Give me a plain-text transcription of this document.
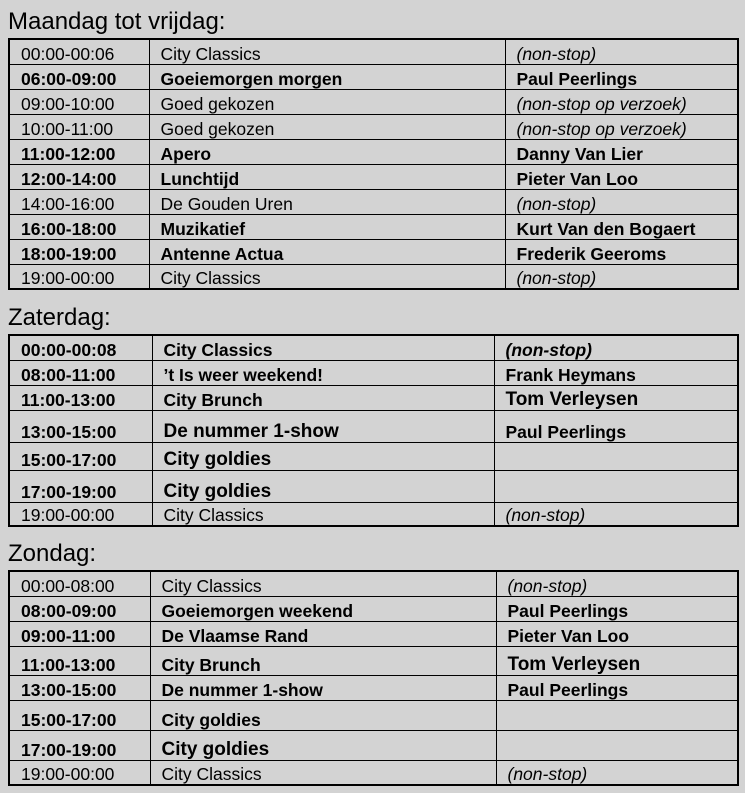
Maandag tot vrijdag:
00:00-00:06	City Classics	(non-stop)
06:00-09:00	Goeiemorgen morgen	Paul Peerlings
09:00-10:00	Goed gekozen	(non-stop op verzoek)
10:00-11:00	Goed gekozen	(non-stop op verzoek)
11:00-12:00	Apero	Danny Van Lier
12:00-14:00	Lunchtijd	Pieter Van Loo
14:00-16:00	De Gouden Uren	(non-stop)
16:00-18:00	Muzikatief	Kurt Van den Bogaert
18:00-19:00	Antenne Actua	Frederik Geeroms
19:00-00:00	City Classics	(non-stop)
Zaterdag:
00:00-00:08	City Classics	(non-stop)
08:00-11:00	’t Is weer weekend!	Frank Heymans
11:00-13:00	City Brunch	Tom Verleysen
13:00-15:00	De nummer 1-show	Paul Peerlings
15:00-17:00	City goldies	
17:00-19:00	City goldies	
19:00-00:00	City Classics	(non-stop)
Zondag:
00:00-08:00	City Classics	(non-stop)
08:00-09:00	Goeiemorgen weekend	Paul Peerlings
09:00-11:00	De Vlaamse Rand	Pieter Van Loo
11:00-13:00	City Brunch	Tom Verleysen
13:00-15:00	De nummer 1-show	Paul Peerlings
15:00-17:00	City goldies	
17:00-19:00	City goldies	
19:00-00:00	City Classics	(non-stop)
